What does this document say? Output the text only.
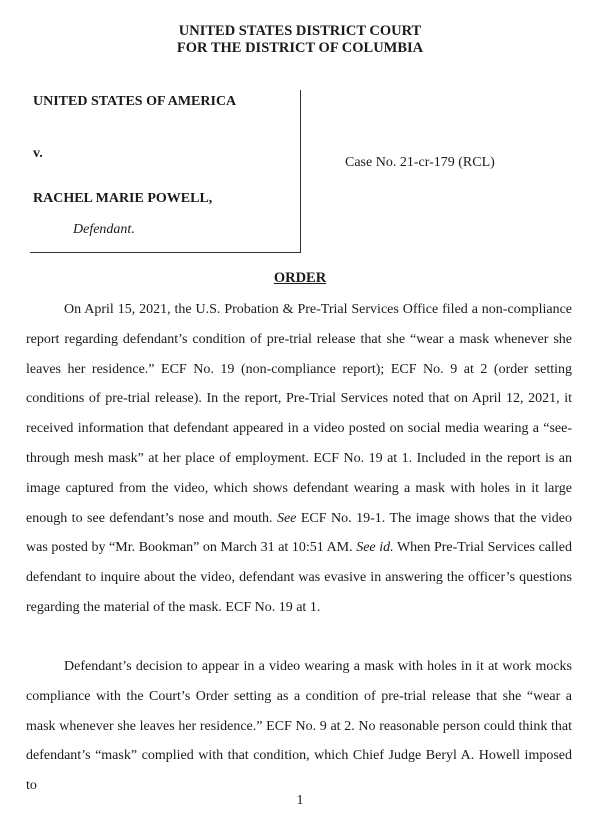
UNITED STATES DISTRICT COURT
FOR THE DISTRICT OF COLUMBIA
UNITED STATES OF AMERICA
v.
RACHEL MARIE POWELL,
Defendant.
Case No. 21-cr-179 (RCL)
ORDER

On April 15, 2021, the U.S. Probation & Pre-Trial Services Office filed a non-compliance report regarding defendant’s condition of pre-trial release that she “wear a mask whenever she leaves her residence.” ECF No. 19 (non-compliance report); ECF No. 9 at 2 (order setting conditions of pre-trial release). In the report, Pre-Trial Services noted that on April 12, 2021, it received information that defendant appeared in a video posted on social media wearing a “see-through mesh mask” at her place of employment. ECF No. 19 at 1. Included in the report is an image captured from the video, which shows defendant wearing a mask with holes in it large enough to see defendant’s nose and mouth. See ECF No. 19-1. The image shows that the video was posted by “Mr. Bookman” on March 31 at 10:51 AM. See id. When Pre-Trial Services called defendant to inquire about the video, defendant was evasive in answering the officer’s questions regarding the material of the mask. ECF No. 19 at 1.

Defendant’s decision to appear in a video wearing a mask with holes in it at work mocks compliance with the Court’s Order setting as a condition of pre-trial release that she “wear a mask whenever she leaves her residence.” ECF No. 9 at 2. No reasonable person could think that defendant’s “mask” complied with that condition, which Chief Judge Beryl A. Howell imposed to

1
